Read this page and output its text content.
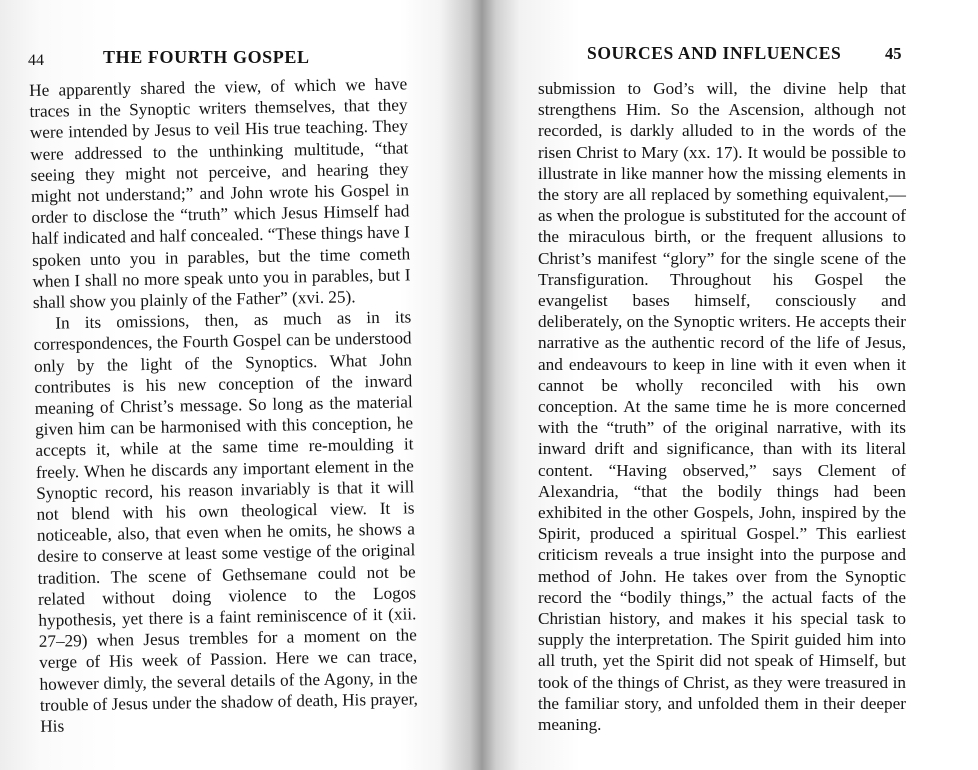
44	THE FOURTH GOSPEL

He apparently shared the view, of which we have traces in the Synoptic writers themselves, that they were intended by Jesus to veil His true teaching. They were addressed to the unthinking multitude, “that seeing they might not perceive, and hearing they might not understand;” and John wrote his Gospel in order to disclose the “truth” which Jesus Himself had half indicated and half concealed. “These things have I spoken unto you in parables, but the time cometh when I shall no more speak unto you in parables, but I shall show you plainly of the Father” (xvi. 25).

In its omissions, then, as much as in its correspondences, the Fourth Gospel can be understood only by the light of the Synoptics. What John contributes is his new conception of the inward meaning of Christ’s message. So long as the material given him can be harmonised with this conception, he accepts it, while at the same time re-moulding it freely. When he discards any important element in the Synoptic record, his reason invariably is that it will not blend with his own theological view. It is noticeable, also, that even when he omits, he shows a desire to conserve at least some vestige of the original tradition. The scene of Gethsemane could not be related without doing violence to the Logos hypothesis, yet there is a faint reminiscence of it (xii. 27–29) when Jesus trembles for a moment on the verge of His week of Passion. Here we can trace, however dimly, the several details of the Agony, in the trouble of Jesus under the shadow of death, His prayer, His

SOURCES AND INFLUENCES	45

submission to God’s will, the divine help that strengthens Him. So the Ascension, although not recorded, is darkly alluded to in the words of the risen Christ to Mary (xx. 17). It would be possible to illustrate in like manner how the missing elements in the story are all replaced by something equivalent,—as when the prologue is substituted for the account of the miraculous birth, or the frequent allusions to Christ’s manifest “glory” for the single scene of the Transfiguration. Throughout his Gospel the evangelist bases himself, consciously and deliberately, on the Synoptic writers. He accepts their narrative as the authentic record of the life of Jesus, and endeavours to keep in line with it even when it cannot be wholly reconciled with his own conception. At the same time he is more concerned with the “truth” of the original narrative, with its inward drift and significance, than with its literal content. “Having observed,” says Clement of Alexandria, “that the bodily things had been exhibited in the other Gospels, John, inspired by the Spirit, produced a spiritual Gospel.” This earliest criticism reveals a true insight into the purpose and method of John. He takes over from the Synoptic record the “bodily things,” the actual facts of the Christian history, and makes it his special task to supply the interpretation. The Spirit guided him into all truth, yet the Spirit did not speak of Himself, but took of the things of Christ, as they were treasured in the familiar story, and unfolded them in their deeper meaning.
